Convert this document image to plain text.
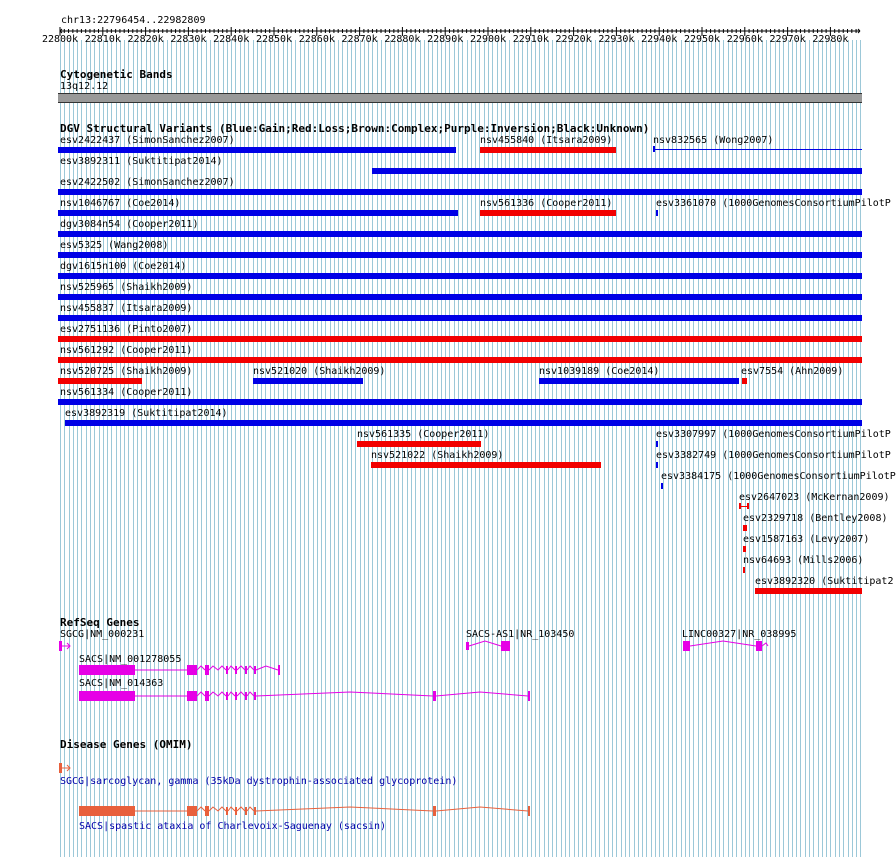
chr13:22796454..22982809
22800k 22810k 22820k 22830k 22840k 22850k 22860k 22870k 22880k 22890k 22900k 22910k 22920k 22930k 22940k 22950k 22960k 22970k 22980k
Cytogenetic Bands
13q12.12
DGV Structural Variants (Blue:Gain;Red:Loss;Brown:Complex;Purple:Inversion;Black:Unknown)
esv2422437 (SimonSanchez2007)	nsv455840 (Itsara2009)	nsv832565 (Wong2007)
esv3892311 (Suktitipat2014)
esv2422502 (SimonSanchez2007)
nsv1046767 (Coe2014)	nsv561336 (Cooper2011)	esv3361070 (1000GenomesConsortiumPilotP
dgv3084n54 (Cooper2011)
esv5325 (Wang2008)
dgv1615n100 (Coe2014)
nsv525965 (Shaikh2009)
nsv455837 (Itsara2009)
esv2751136 (Pinto2007)
nsv561292 (Cooper2011)
nsv520725 (Shaikh2009)	nsv521020 (Shaikh2009)	nsv1039189 (Coe2014)	esv7554 (Ahn2009)
nsv561334 (Cooper2011)
esv3892319 (Suktitipat2014)
nsv561335 (Cooper2011)	esv3307997 (1000GenomesConsortiumPilotP
nsv521022 (Shaikh2009)	esv3382749 (1000GenomesConsortiumPilotP
esv3384175 (1000GenomesConsortiumPilotP
esv2647023 (McKernan2009)
esv2329718 (Bentley2008)
esv1587163 (Levy2007)
nsv64693 (Mills2006)
esv3892320 (Suktitipat2
RefSeq Genes
SGCG|NM_000231	SACS-AS1|NR_103450	LINC00327|NR_038995
SACS|NM_001278055
SACS|NM_014363
Disease Genes (OMIM)
SGCG|sarcoglycan, gamma (35kDa dystrophin-associated glycoprotein)
SACS|spastic ataxia of Charlevoix-Saguenay (sacsin)
